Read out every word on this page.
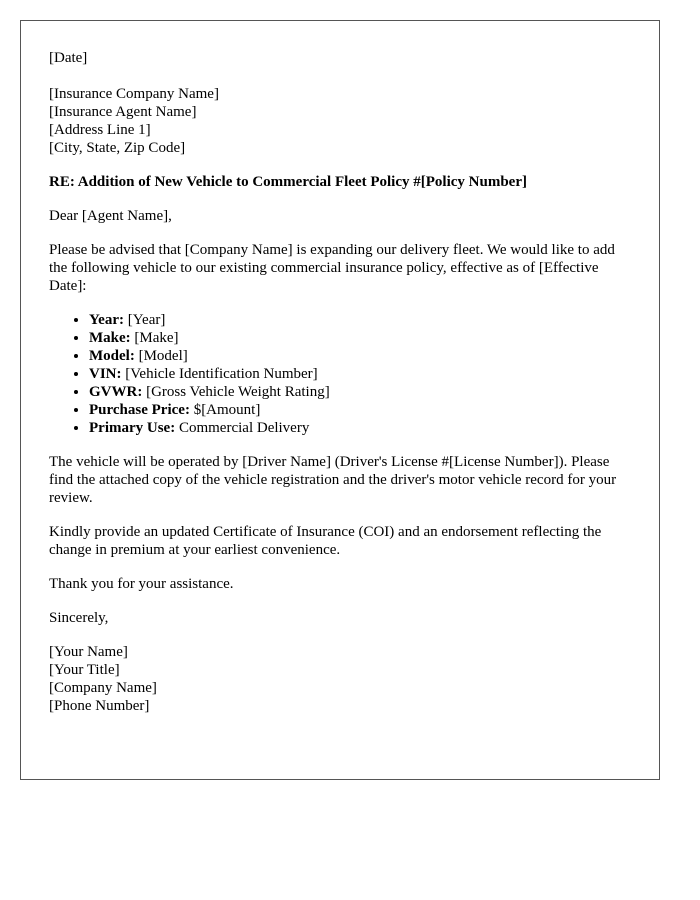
[Date]
[Insurance Company Name]
[Insurance Agent Name]
[Address Line 1]
[City, State, Zip Code]
RE: Addition of New Vehicle to Commercial Fleet Policy #[Policy Number]
Dear [Agent Name],
Please be advised that [Company Name] is expanding our delivery fleet. We would like to add the following vehicle to our existing commercial insurance policy, effective as of [Effective Date]:
• Year: [Year]
• Make: [Make]
• Model: [Model]
• VIN: [Vehicle Identification Number]
• GVWR: [Gross Vehicle Weight Rating]
• Purchase Price: $[Amount]
• Primary Use: Commercial Delivery
The vehicle will be operated by [Driver Name] (Driver's License #[License Number]). Please find the attached copy of the vehicle registration and the driver's motor vehicle record for your review.
Kindly provide an updated Certificate of Insurance (COI) and an endorsement reflecting the change in premium at your earliest convenience.
Thank you for your assistance.
Sincerely,
[Your Name]
[Your Title]
[Company Name]
[Phone Number]
